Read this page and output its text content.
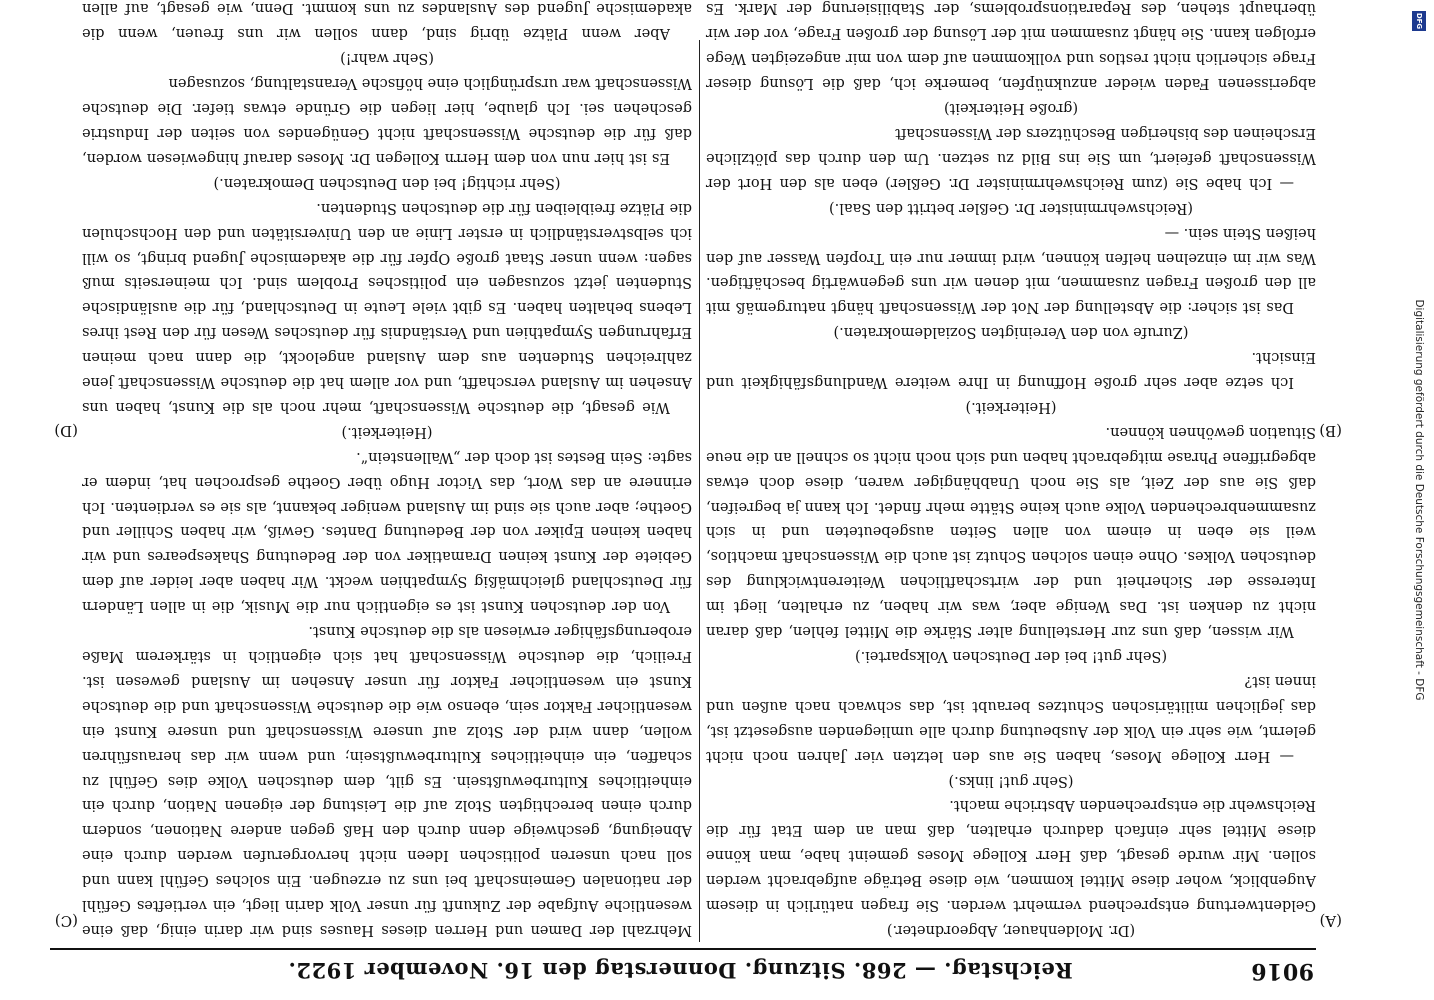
9016
Reichstag. — 268. Sitzung. Donnerstag den 16. November 1922.
(A)
(B)
(C)
(D)

(Dr. Moldenhauer, Abgeordneter.)

Geldentwertung entsprechend vermehrt werden. Sie fragen natürlich in diesem Augenblick, woher diese Mittel kommen, wie diese Beträge aufgebracht werden sollen. Mir wurde gesagt, daß Herr Kollege Moses gemeint habe, man könne diese Mittel sehr einfach dadurch erhalten, daß man an dem Etat für die Reichswehr die entsprechenden Abstriche macht.

(Sehr gut! links.)

— Herr Kollege Moses, haben Sie aus den letzten vier Jahren noch nicht gelernt, wie sehr ein Volk der Ausbeutung durch alle umliegenden ausgesetzt ist, das jeglichen militärischen Schutzes beraubt ist, das schwach nach außen und innen ist?

(Sehr gut! bei der Deutschen Volkspartei.)

Wir wissen, daß uns zur Herstellung alter Stärke die Mittel fehlen, daß daran nicht zu denken ist. Das Wenige aber, was wir haben, zu erhalten, liegt im Interesse der Sicherheit und der wirtschaftlichen Weiterentwicklung des deutschen Volkes. Ohne einen solchen Schutz ist auch die Wissenschaft machtlos, weil sie eben in einem von allen Seiten ausgebeuteten und in sich zusammenbrechenden Volke auch keine Stätte mehr findet. Ich kann ja begreifen, daß Sie aus der Zeit, als Sie noch Unabhängiger waren, diese doch etwas abgegriffene Phrase mitgebracht haben und sich noch nicht so schnell an die neue Situation gewöhnen können.

(Heiterkeit.)

Ich setze aber sehr große Hoffnung in Ihre weitere Wandlungsfähigkeit und Einsicht.

(Zurufe von den Vereinigten Sozialdemokraten.)

Das ist sicher: die Abstellung der Not der Wissenschaft hängt naturgemäß mit all den großen Fragen zusammen, mit denen wir uns gegenwärtig beschäftigen. Was wir im einzelnen helfen können, wird immer nur ein Tropfen Wasser auf den heißen Stein sein. —

(Reichswehrminister Dr. Geßler betritt den Saal.)

— Ich habe Sie (zum Reichswehrminister Dr. Geßler) eben als den Hort der Wissenschaft gefeiert, um Sie ins Bild zu setzen. Um den durch das plötzliche Erscheinen des bisherigen Beschützers der Wissenschaft

(große Heiterkeit)

abgerissenen Faden wieder anzuknüpfen, bemerke ich, daß die Lösung dieser Frage sicherlich nicht restlos und vollkommen auf dem von mir angezeigten Wege erfolgen kann. Sie hängt zusammen mit der Lösung der großen Frage, vor der wir überhaupt stehen, des Reparationsproblems, der Stabilisierung der Mark. Es

Mehrzahl der Damen und Herren dieses Hauses sind wir darin einig, daß eine wesentliche Aufgabe der Zukunft für unser Volk darin liegt, ein vertieftes Gefühl der nationalen Gemeinschaft bei uns zu erzeugen. Ein solches Gefühl kann und soll nach unseren politischen Ideen nicht hervorgerufen werden durch eine Abneigung, geschweige denn durch den Haß gegen andere Nationen, sondern durch einen berechtigten Stolz auf die Leistung der eigenen Nation, durch ein einheitliches Kulturbewußtsein. Es gilt, dem deutschen Volke dies Gefühl zu schaffen, ein einheitliches Kulturbewußtsein; und wenn wir das herausführen wollen, dann wird der Stolz auf unsere Wissenschaft und unsere Kunst ein wesentlicher Faktor sein, ebenso wie die deutsche Wissenschaft und die deutsche Kunst ein wesentlicher Faktor für unser Ansehen im Ausland gewesen ist. Freilich, die deutsche Wissenschaft hat sich eigentlich in stärkerem Maße eroberungsfähiger erwiesen als die deutsche Kunst.

Von der deutschen Kunst ist es eigentlich nur die Musik, die in allen Ländern für Deutschland gleichmäßig Sympathien weckt. Wir haben aber leider auf dem Gebiete der Kunst keinen Dramatiker von der Bedeutung Shakespeares und wir haben keinen Epiker von der Bedeutung Dantes. Gewiß, wir haben Schiller und Goethe; aber auch sie sind im Ausland weniger bekannt, als sie es verdienten. Ich erinnere an das Wort, das Victor Hugo über Goethe gesprochen hat, indem er sagte: Sein Bestes ist doch der „Wallenstein“.

(Heiterkeit.)

Wie gesagt, die deutsche Wissenschaft, mehr noch als die Kunst, haben uns Ansehen im Ausland verschafft, und vor allem hat die deutsche Wissenschaft jene zahlreichen Studenten aus dem Ausland angelockt, die dann nach meinen Erfahrungen Sympathien und Verständnis für deutsches Wesen für den Rest ihres Lebens behalten haben. Es gibt viele Leute in Deutschland, für die ausländische Studenten jetzt sozusagen ein politisches Problem sind. Ich meinerseits muß sagen: wenn unser Staat große Opfer für die akademische Jugend bringt, so will ich selbstverständlich in erster Linie an den Universitäten und den Hochschulen die Plätze freibleiben für die deutschen Studenten.

(Sehr richtig! bei den Deutschen Demokraten.)

Es ist hier nun von dem Herrn Kollegen Dr. Moses darauf hingewiesen worden, daß für die deutsche Wissenschaft nicht Genügendes von seiten der Industrie geschehen sei. Ich glaube, hier liegen die Gründe etwas tiefer. Die deutsche Wissenschaft war ursprünglich eine höfische Veranstaltung, sozusagen

(Sehr wahr!)

Aber wenn Plätze übrig sind, dann sollen wir uns freuen, wenn die akademische Jugend des Auslandes zu uns kommt. Denn, wie gesagt, auf allen

DFG
Digitalisierung gefördert durch die Deutsche Forschungsgemeinschaft - DFG
